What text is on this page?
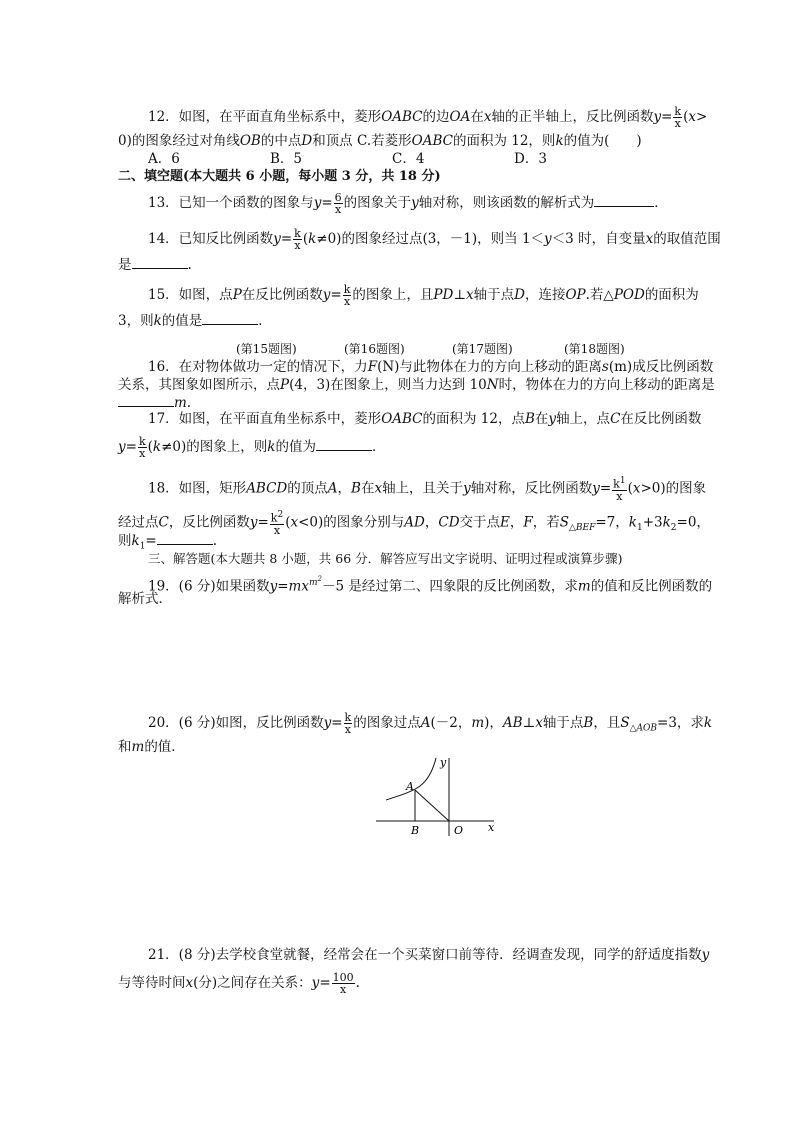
12．如图，在平面直角坐标系中，菱形OABC的边OA在x轴的正半轴上，反比例函数$y= \frac{k}{x} (x>$
0)的图象经过对角线OB的中点D和顶点 C.若菱形OABC的面积为 12，则k的值为(　　)
A．6	B．5	C．4	D．3
二、填空题(本大题共 6 小题，每小题 3 分，共 18 分)
13．已知一个函数的图象与$y= \frac{6}{x}$ 的图象关于y轴对称，则该函数的解析式为	．
14．已知反比例函数$y= \frac{k}{x} (k\ne 0)$的图象经过点(3，－1)，则当 1＜y＜3 时，自变量x的取值范围
是	.
15．如图，点P在反比例函数$y= \frac{k}{x}$ 的图象上，且PD⊥x轴于点D，连接OP.若△POD的面积为
3，则k的值是	．
(第15题图)	(第16题图)	(第17题图)	(第18题图)
16．在对物体做功一定的情况下，力F(N)与此物体在力的方向上移动的距离s(m)成反比例函数
关系，其图象如图所示，点P(4，3)在图象上，则当力达到 10N时，物体在力的方向上移动的距离是
m.
17．如图，在平面直角坐标系中，菱形OABC的面积为 12，点B在y轴上，点C在反比例函数
$y= \frac{k}{x} (k\ne 0)$的图象上，则k的值为	．
18．如图，矩形ABCD的顶点A，B在x轴上，且关于y轴对称，反比例函数$y= \frac{k^1}{x} (x>0)$的图象
经过点C，反比例函数$y= \frac{k^2}{x} (x<0)$的图象分别与AD，CD交于点E，F，若$S_{\triangle BEF}=7$，$k_1+3k_2=0$，
则$k_1=$	.
三、解答题(本大题共 8 小题，共 66 分．解答应写出文字说明、证明过程或演算步骤)
19．(6 分)如果函数$y=mx^{m^2}-5$ 是经过第二、四象限的反比例函数，求m的值和反比例函数的
解析式．
20．(6 分)如图，反比例函数$y= \frac{k}{x}$ 的图象过点A(－2，m)，AB⊥x轴于点B，且$S_{\triangle AOB}=3$，求k
和m的值．
y
A
B	O x
21．(8 分)去学校食堂就餐，经常会在一个买菜窗口前等待．经调查发现，同学的舒适度指数y
与等待时间x(分)之间存在关系：$y= \frac{100}{x}$ .
